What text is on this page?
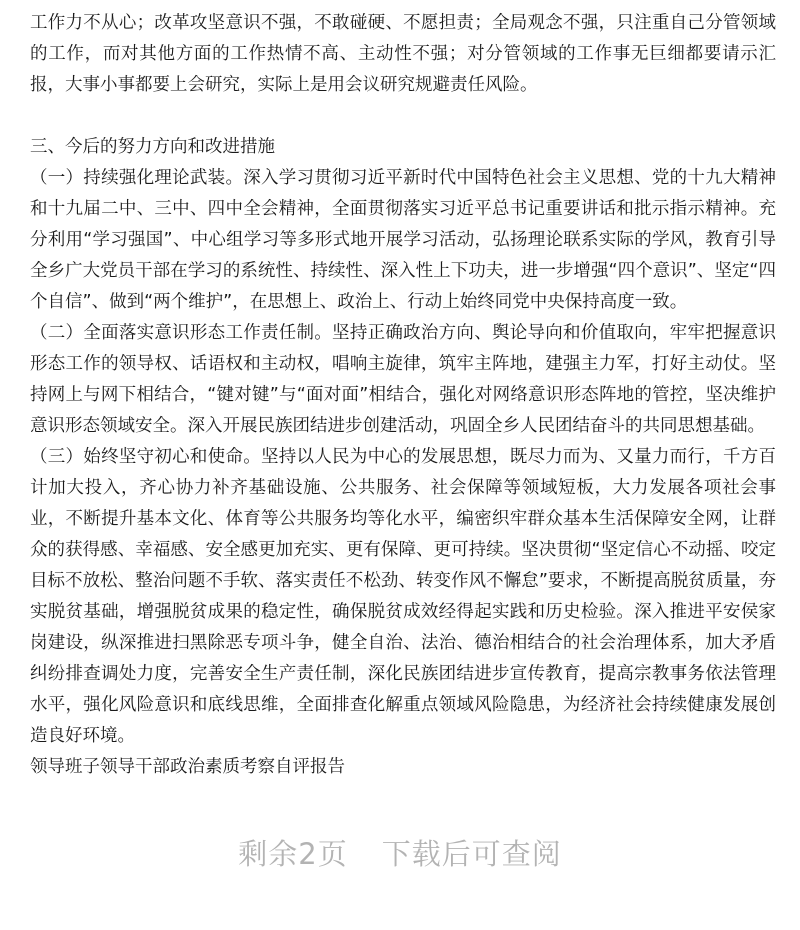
工作力不从心；改革攻坚意识不强，不敢碰硬、不愿担责；全局观念不强，只注重自己分管领域的工作，而对其他方面的工作热情不高、主动性不强；对分管领域的工作事无巨细都要请示汇报，大事小事都要上会研究，实际上是用会议研究规避责任风险。

三、今后的努力方向和改进措施

（一）持续强化理论武装。深入学习贯彻习近平新时代中国特色社会主义思想、党的十九大精神和十九届二中、三中、四中全会精神，全面贯彻落实习近平总书记重要讲话和批示指示精神。充分利用“学习强国”、中心组学习等多形式地开展学习活动，弘扬理论联系实际的学风，教育引导全乡广大党员干部在学习的系统性、持续性、深入性上下功夫，进一步增强“四个意识”、坚定“四个自信”、做到“两个维护”，在思想上、政治上、行动上始终同党中央保持高度一致。

（二）全面落实意识形态工作责任制。坚持正确政治方向、舆论导向和价值取向，牢牢把握意识形态工作的领导权、话语权和主动权，唱响主旋律，筑牢主阵地，建强主力军，打好主动仗。坚持网上与网下相结合，“键对键”与“面对面”相结合，强化对网络意识形态阵地的管控，坚决维护意识形态领域安全。深入开展民族团结进步创建活动，巩固全乡人民团结奋斗的共同思想基础。

（三）始终坚守初心和使命。坚持以人民为中心的发展思想，既尽力而为、又量力而行，千方百计加大投入，齐心协力补齐基础设施、公共服务、社会保障等领域短板，大力发展各项社会事业，不断提升基本文化、体育等公共服务均等化水平，编密织牢群众基本生活保障安全网，让群众的获得感、幸福感、安全感更加充实、更有保障、更可持续。坚决贯彻“坚定信心不动摇、咬定目标不放松、整治问题不手软、落实责任不松劲、转变作风不懈怠”要求，不断提高脱贫质量，夯实脱贫基础，增强脱贫成果的稳定性，确保脱贫成效经得起实践和历史检验。深入推进平安侯家岗建设，纵深推进扫黑除恶专项斗争，健全自治、法治、德治相结合的社会治理体系，加大矛盾纠纷排查调处力度，完善安全生产责任制，深化民族团结进步宣传教育，提高宗教事务依法管理水平，强化风险意识和底线思维，全面排查化解重点领域风险隐患，为经济社会持续健康发展创造良好环境。

领导班子领导干部政治素质考察自评报告

剩余2页 下载后可查阅
